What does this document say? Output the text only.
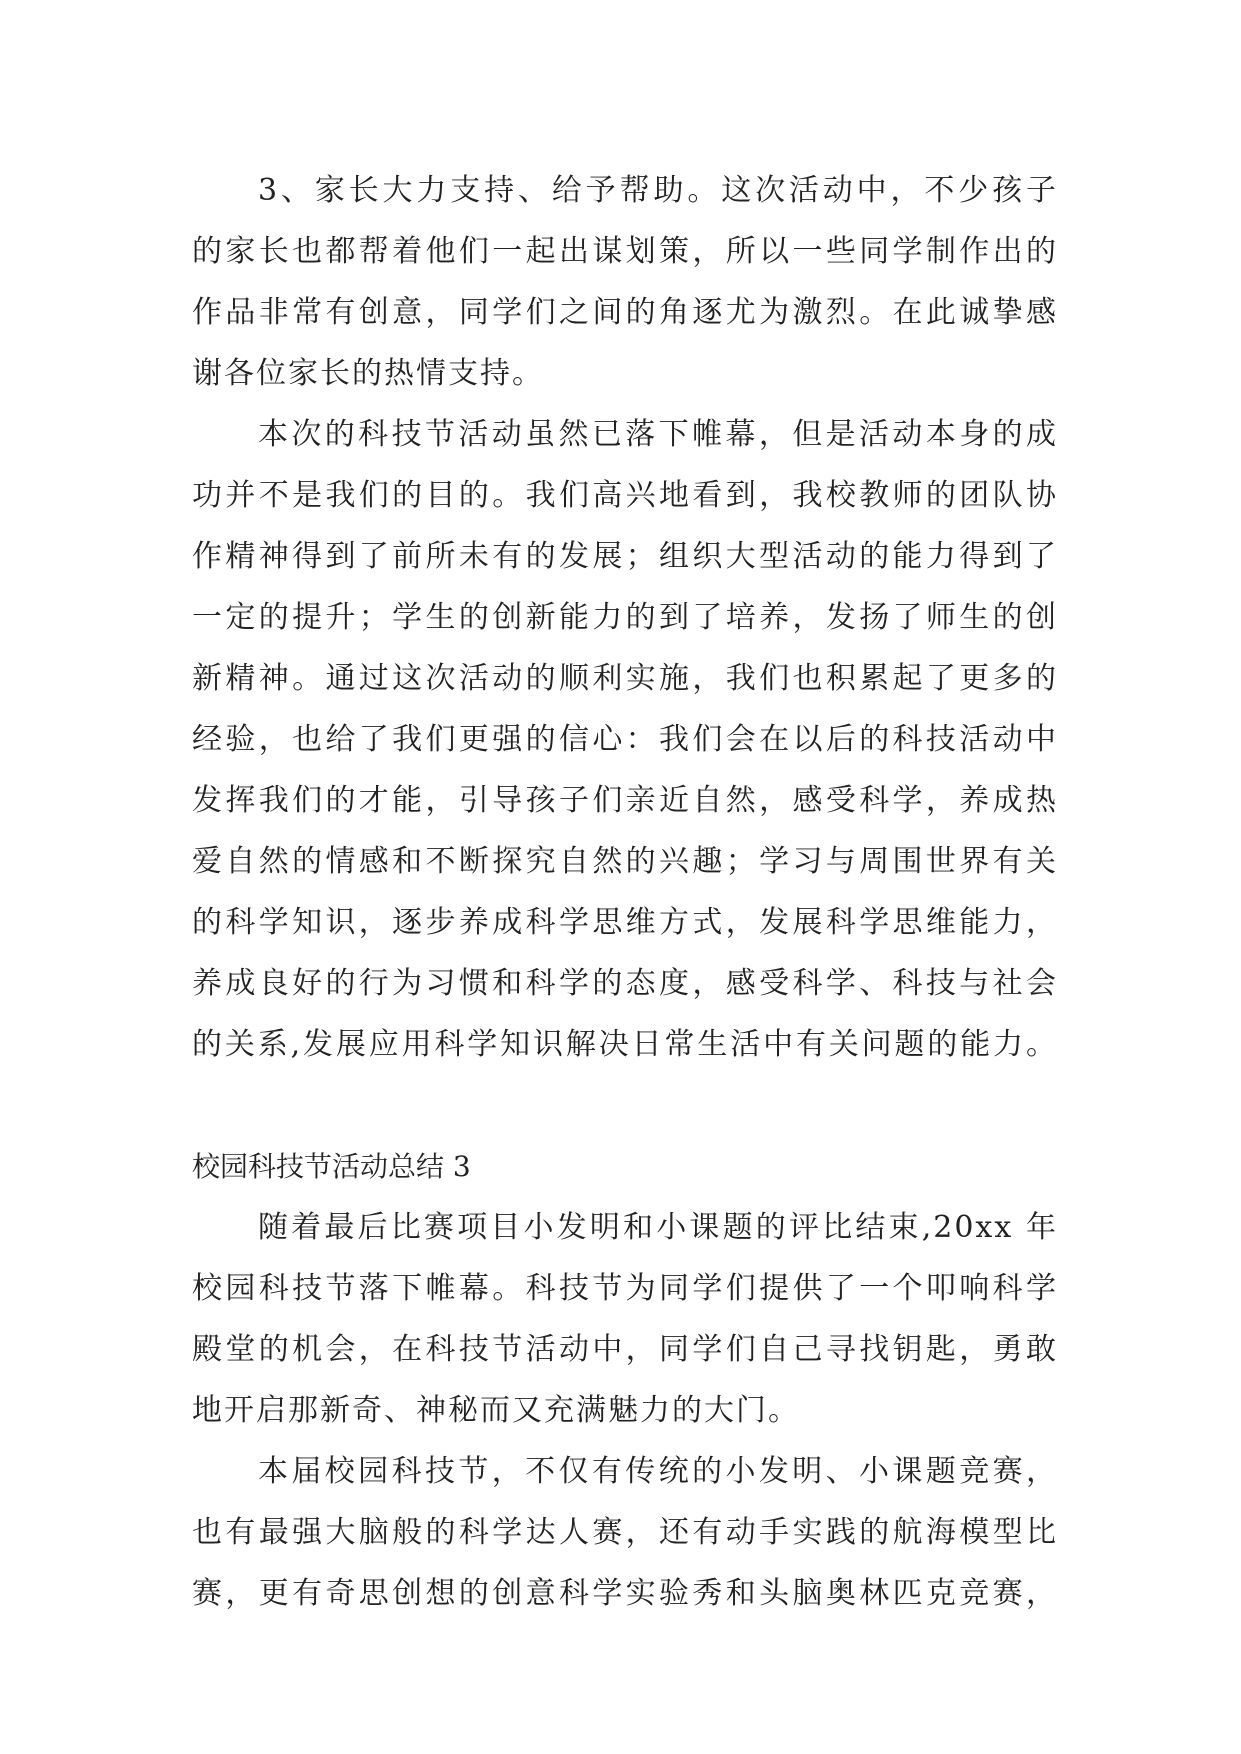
3、家长大力支持、给予帮助。这次活动中，不少孩子
的家长也都帮着他们一起出谋划策，所以一些同学制作出的
作品非常有创意，同学们之间的角逐尤为激烈。在此诚挚感
谢各位家长的热情支持。
本次的科技节活动虽然已落下帷幕，但是活动本身的成
功并不是我们的目的。我们高兴地看到，我校教师的团队协
作精神得到了前所未有的发展；组织大型活动的能力得到了
一定的提升；学生的创新能力的到了培养，发扬了师生的创
新精神。通过这次活动的顺利实施，我们也积累起了更多的
经验，也给了我们更强的信心：我们会在以后的科技活动中
发挥我们的才能，引导孩子们亲近自然，感受科学，养成热
爱自然的情感和不断探究自然的兴趣；学习与周围世界有关
的科学知识，逐步养成科学思维方式，发展科学思维能力，
养成良好的行为习惯和科学的态度，感受科学、科技与社会
的关系,发展应用科学知识解决日常生活中有关问题的能力。
校园科技节活动总结 3
随着最后比赛项目小发明和小课题的评比结束,20xx 年
校园科技节落下帷幕。科技节为同学们提供了一个叩响科学
殿堂的机会，在科技节活动中，同学们自己寻找钥匙，勇敢
地开启那新奇、神秘而又充满魅力的大门。
本届校园科技节，不仅有传统的小发明、小课题竞赛，
也有最强大脑般的科学达人赛，还有动手实践的航海模型比
赛，更有奇思创想的创意科学实验秀和头脑奥林匹克竞赛，
